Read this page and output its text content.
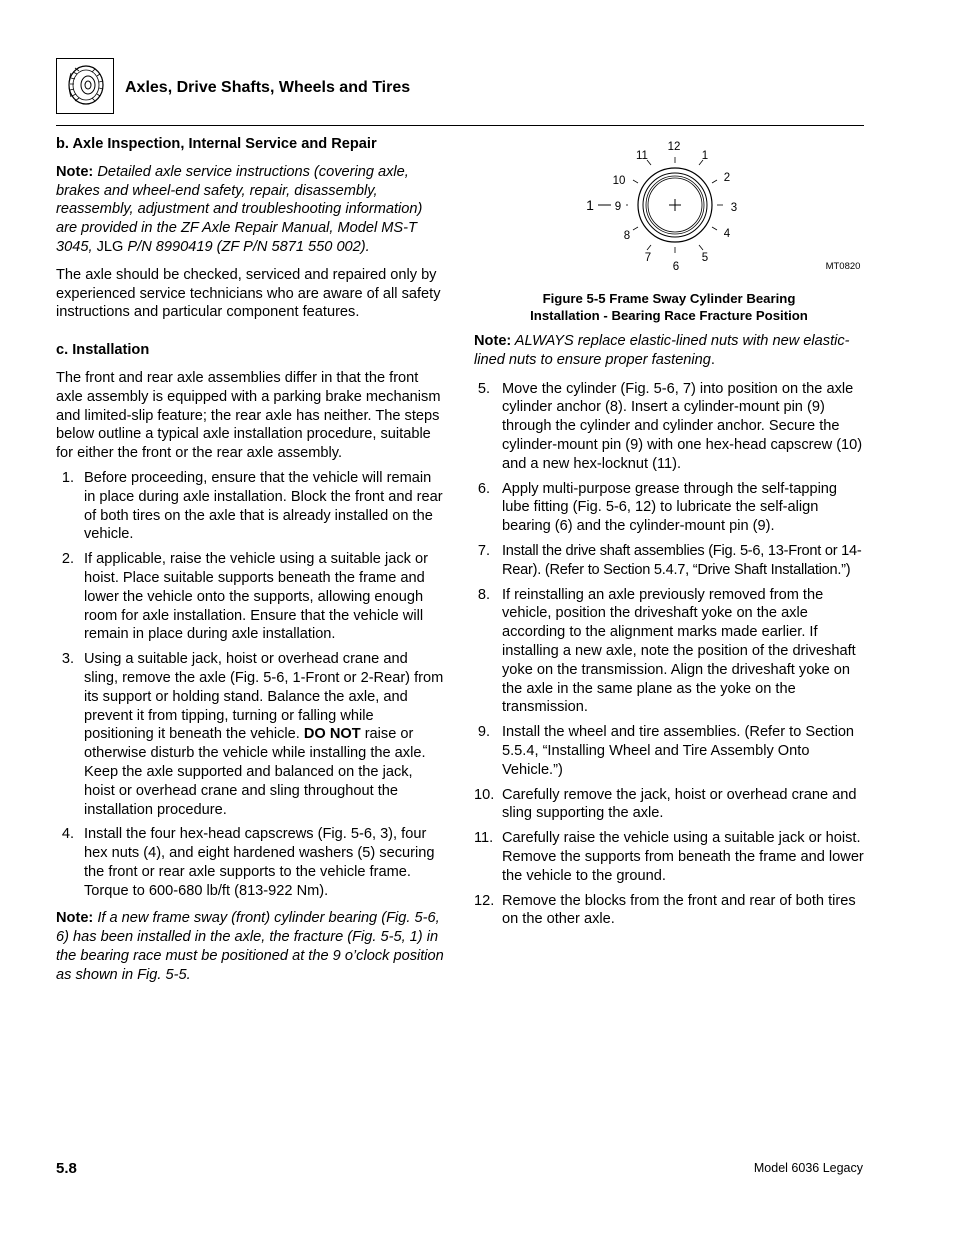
Axles, Drive Shafts, Wheels and Tires

b. Axle Inspection, Internal Service and Repair

Note: Detailed axle service instructions (covering axle, brakes and wheel-end safety, repair, disassembly, reassembly, adjustment and troubleshooting information) are provided in the ZF Axle Repair Manual, Model MS-T 3045, JLG P/N 8990419 (ZF P/N 5871 550 002).

The axle should be checked, serviced and repaired only by experienced service technicians who are aware of all safety instructions and particular component features.

c. Installation

The front and rear axle assemblies differ in that the front axle assembly is equipped with a parking brake mechanism and limited-slip feature; the rear axle has neither. The steps below outline a typical axle installation procedure, suitable for either the front or the rear axle assembly.

1. Before proceeding, ensure that the vehicle will remain in place during axle installation. Block the front and rear of both tires on the axle that is already installed on the vehicle.
2. If applicable, raise the vehicle using a suitable jack or hoist. Place suitable supports beneath the frame and lower the vehicle onto the supports, allowing enough room for axle installation. Ensure that the vehicle will remain in place during axle installation.
3. Using a suitable jack, hoist or overhead crane and sling, remove the axle (Fig. 5-6, 1-Front or 2-Rear) from its support or holding stand. Balance the axle, and prevent it from tipping, turning or falling while positioning it beneath the vehicle. DO NOT raise or otherwise disturb the vehicle while installing the axle. Keep the axle supported and balanced on the jack, hoist or overhead crane and sling throughout the installation procedure.
4. Install the four hex-head capscrews (Fig. 5-6, 3), four hex nuts (4), and eight hardened washers (5) securing the front or rear axle supports to the vehicle frame. Torque to 600-680 lb/ft (813-922 Nm).

Note: If a new frame sway (front) cylinder bearing (Fig. 5-6, 6) has been installed in the axle, the fracture (Fig. 5-5, 1) in the bearing race must be positioned at the 9 o’clock position as shown in Fig. 5-5.

12
1
2
3
4
5
6
7
8
9
10
11
1
MT0820
Figure 5-5 Frame Sway Cylinder Bearing
Installation - Bearing Race Fracture Position

Note: ALWAYS replace elastic-lined nuts with new elastic-lined nuts to ensure proper fastening.

5. Move the cylinder (Fig. 5-6, 7) into position on the axle cylinder anchor (8). Insert a cylinder-mount pin (9) through the cylinder and cylinder anchor. Secure the cylinder-mount pin (9) with one hex-head capscrew (10) and a new hex-locknut (11).
6. Apply multi-purpose grease through the self-tapping lube fitting (Fig. 5-6, 12) to lubricate the self-align bearing (6) and the cylinder-mount pin (9).
7. Install the drive shaft assemblies (Fig. 5-6, 13-Front or 14-Rear). (Refer to Section 5.4.7, “Drive Shaft Installation.”)
8. If reinstalling an axle previously removed from the vehicle, position the driveshaft yoke on the axle according to the alignment marks made earlier. If installing a new axle, note the position of the driveshaft yoke on the transmission. Align the driveshaft yoke on the axle in the same plane as the yoke on the transmission.
9. Install the wheel and tire assemblies. (Refer to Section 5.5.4, “Installing Wheel and Tire Assembly Onto Vehicle.”)
10. Carefully remove the jack, hoist or overhead crane and sling supporting the axle.
11. Carefully raise the vehicle using a suitable jack or hoist. Remove the supports from beneath the frame and lower the vehicle to the ground.
12. Remove the blocks from the front and rear of both tires on the other axle.
5.8	Model 6036 Legacy
